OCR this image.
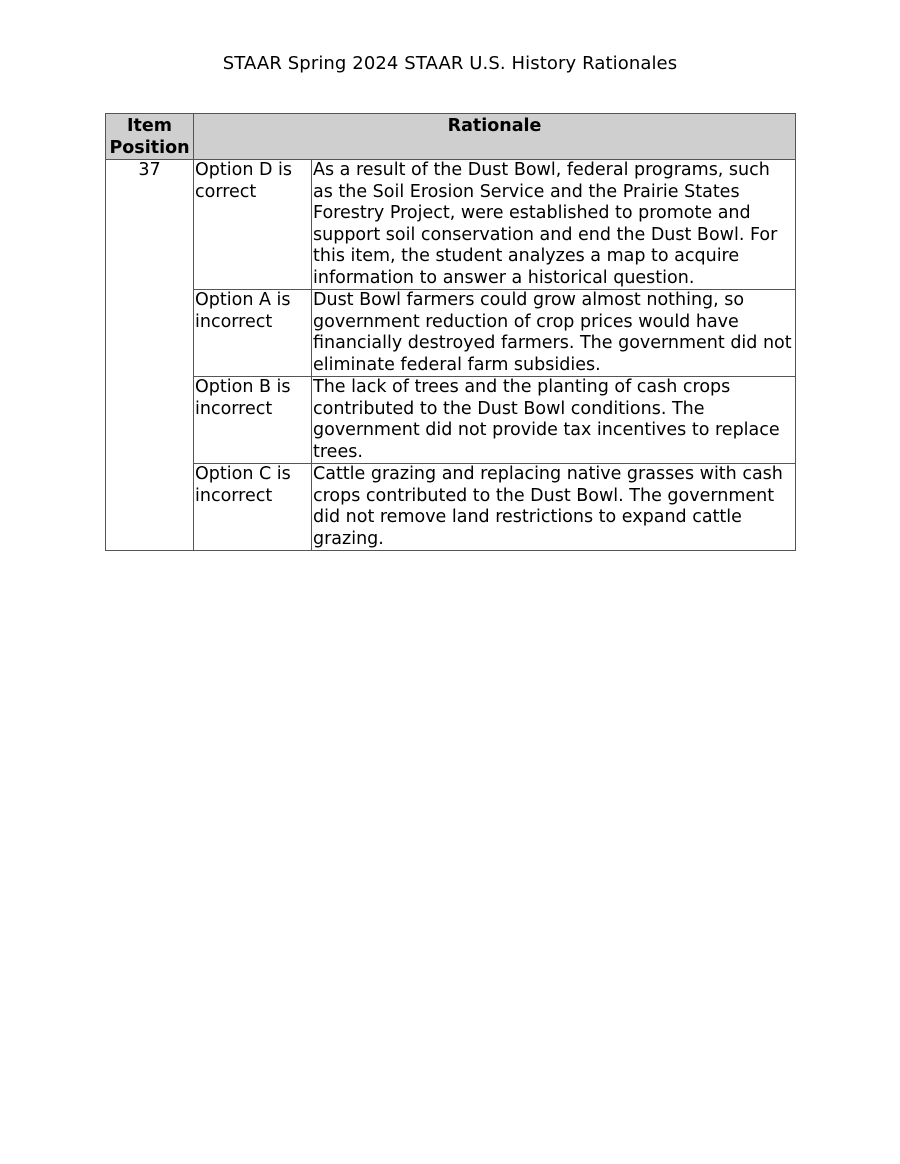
STAAR Spring 2024 STAAR U.S. History Rationales
Item Position	Rationale	
37	Option D is correct	As a result of the Dust Bowl, federal programs, such as the Soil Erosion Service and the Prairie States Forestry Project, were established to promote and support soil conservation and end the Dust Bowl. For this item, the student analyzes a map to acquire information to answer a historical question.
	Option A is incorrect	Dust Bowl farmers could grow almost nothing, so government reduction of crop prices would have financially destroyed farmers. The government did not eliminate federal farm subsidies.
	Option B is incorrect	The lack of trees and the planting of cash crops contributed to the Dust Bowl conditions. The government did not provide tax incentives to replace trees.
	Option C is incorrect	Cattle grazing and replacing native grasses with cash crops contributed to the Dust Bowl. The government did not remove land restrictions to expand cattle grazing.
